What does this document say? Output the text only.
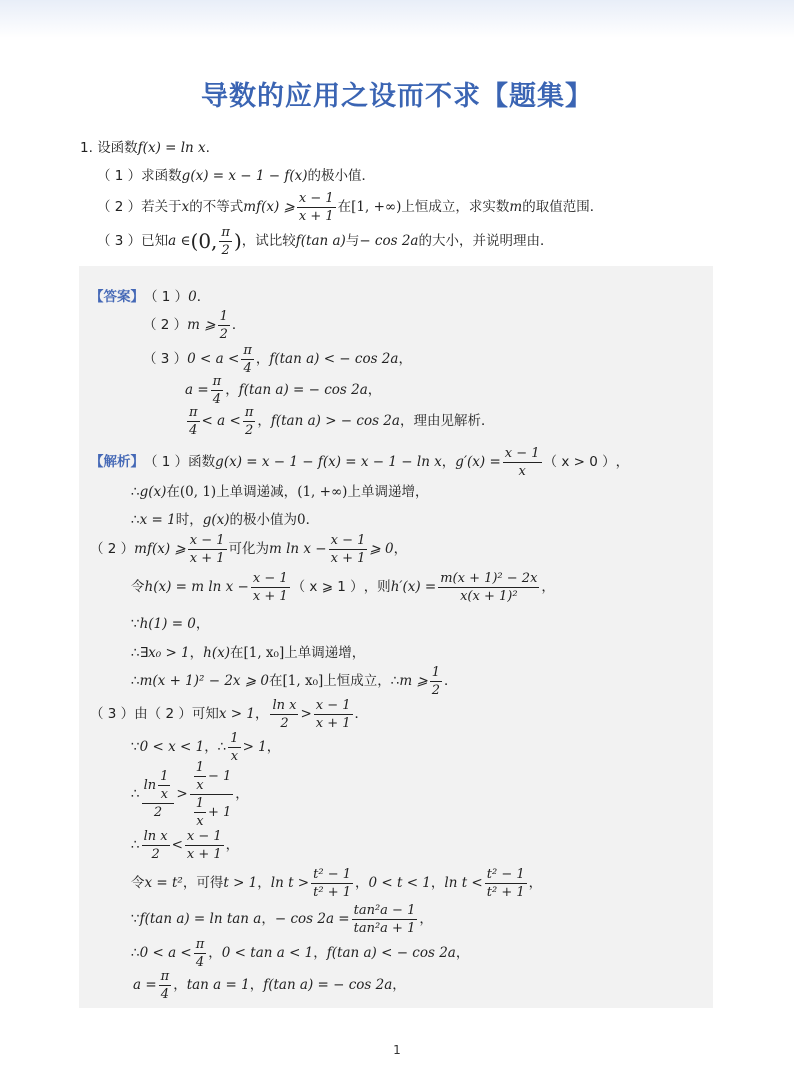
导数的应用之设而不求【题集】
1.
设函数 f(x) = ln x .
（ 1 ） 求函数 g(x) = x − 1 − f(x) 的极小值．
（ 2 ） 若关于 x 的不等式 mf(x) ⩾ $\frac{x - 1}{x + 1}$ 在 [1, +∞) 上恒成立，求实数 m 的取值范围．
（ 3 ） 已知 a ∈ (0, $\frac{\pi}{2}$ ) ，试比较 f(tan a) 与 − cos 2a 的大小，并说明理由．
【答案】 （ 1 ） 0 ．
（ 2 ） m ⩾ $\frac{1}{2}$ ．
（ 3 ） $0 < a < \frac{\pi}{4}$ ， f(tan a) < − cos 2a ，
$a = \frac{\pi}{4}$ ， f(tan a) = − cos 2a ，
$\frac{\pi}{4} < a < \frac{\pi}{2}$ ， f(tan a) > − cos 2a ，理由见解析．
【解析】 （ 1 ） 函数 g(x) = x − 1 − f(x) = x − 1 − ln x ， $g'(x) = \frac{x - 1}{x}$ （ x > 0 ） ，
∴ g(x) 在 (0, 1) 上单调递减， (1, +∞) 上单调递增，
∴ x = 1 时， g(x) 的极小值为 0 ．
（ 2 ） mf(x) ⩾ $\frac{x - 1}{x + 1}$ 可化为 m $\ln x - \frac{x - 1}{x + 1}$ ⩾ 0 ，
令 h(x) = m $\ln x - \frac{x - 1}{x + 1}$ （ x ⩾ 1 ） ，则 $h'(x) = \frac{\text{m(x + 1)² − 2x}}{\text{x(x + 1)²}}$ ，
∵ h(1) = 0 ，
∴∃ x₀ > 1 ， h(x) 在 [1, x₀] 上单调递增，
∴ m(x + 1)² − 2x ⩾ 0 在 [1, x₀] 上恒成立，∴ m ⩾ $\frac{1}{2}$ ．
（ 3 ） 由（ 2 ）可知 x > 1 ， $\frac{\text{ln x}}{2} > \frac{x - 1}{x + 1}$ ．
∵ 0 < x < 1 ，∴ $\frac{1}{x} > 1$ ，
∴ $\frac{\ln \frac{1}{x}}{2} > \frac{\frac{1}{x} - 1}{\frac{1}{x} + 1}$ ，
∴ $\frac{\text{ln x}}{2} < \frac{x - 1}{x + 1}$ ，
令 x = t² ，可得 t > 1 ， $\ln t > \frac{\text{t² − 1}}{\text{t² + 1}}$ ， 0 < t < 1 ， $\ln t < \frac{\text{t² − 1}}{\text{t² + 1}}$ ，
∵ f(tan a) = ln tan a ， − $\cos 2a = \frac{\text{tan²a − 1}}{\text{tan²a + 1}}$ ，
∴ $0 < a < \frac{\pi}{4}$ ， 0 < tan a < 1 ， f(tan a) < − cos 2a ，
$a = \frac{\pi}{4}$ ， tan a = 1 ， f(tan a) = − cos 2a ，
1
